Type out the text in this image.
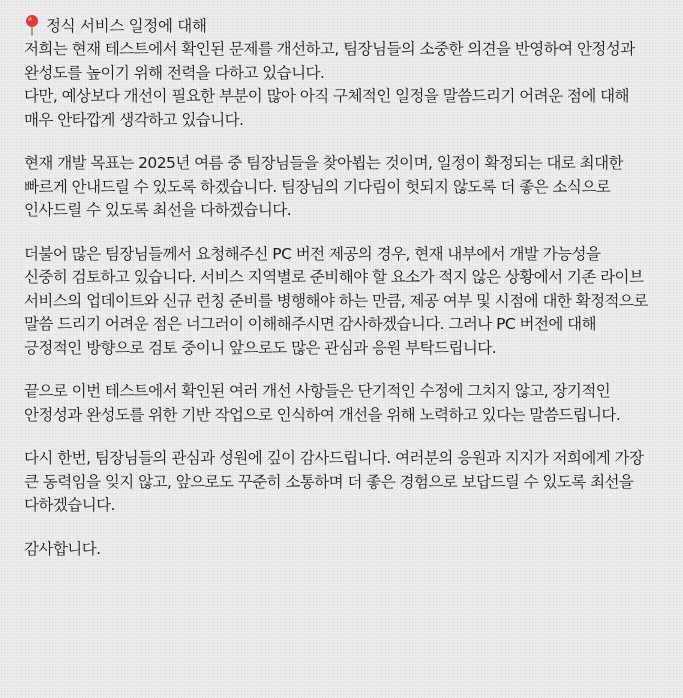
정식 서비스 일정에 대해
저희는 현재 테스트에서 확인된 문제를 개선하고, 팀장님들의 소중한 의견을 반영하여 안정성과
완성도를 높이기 위해 전력을 다하고 있습니다.
다만, 예상보다 개선이 필요한 부분이 많아 아직 구체적인 일정을 말씀드리기 어려운 점에 대해
매우 안타깝게 생각하고 있습니다.
현재 개발 목표는 2025년 여름 중 팀장님들을 찾아뵙는 것이며, 일정이 확정되는 대로 최대한
빠르게 안내드릴 수 있도록 하겠습니다. 팀장님의 기다림이 헛되지 않도록 더 좋은 소식으로
인사드릴 수 있도록 최선을 다하겠습니다.
더불어 많은 팀장님들께서 요청해주신 PC 버전 제공의 경우, 현재 내부에서 개발 가능성을
신중히 검토하고 있습니다. 서비스 지역별로 준비해야 할 요소가 적지 않은 상황에서 기존 라이브
서비스의 업데이트와 신규 런칭 준비를 병행해야 하는 만큼, 제공 여부 및 시점에 대한 확정적으로
말씀 드리기 어려운 점은 너그러이 이해해주시면 감사하겠습니다. 그러나 PC 버전에 대해
긍정적인 방향으로 검토 중이니 앞으로도 많은 관심과 응원 부탁드립니다.
끝으로 이번 테스트에서 확인된 여러 개선 사항들은 단기적인 수정에 그치지 않고, 장기적인
안정성과 완성도를 위한 기반 작업으로 인식하여 개선을 위해 노력하고 있다는 말씀드립니다.
다시 한번, 팀장님들의 관심과 성원에 깊이 감사드립니다. 여러분의 응원과 지지가 저희에게 가장
큰 동력임을 잊지 않고, 앞으로도 꾸준히 소통하며 더 좋은 경험으로 보답드릴 수 있도록 최선을
다하겠습니다.
감사합니다.
